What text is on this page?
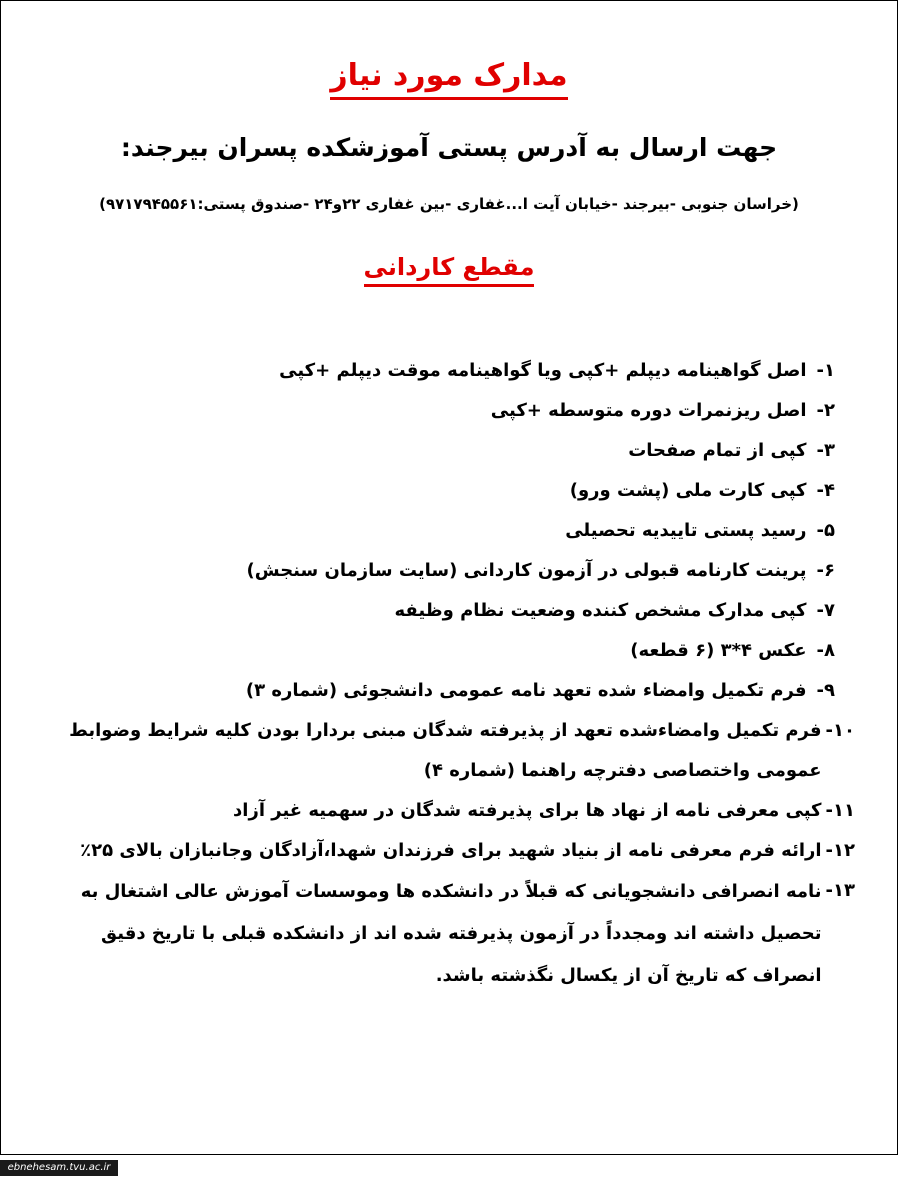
مدارک مورد نیاز
جهت ارسال به آدرس پستی آموزشکده پسران بیرجند:
(خراسان جنوبی -بیرجند -خیابان آیت ا...غفاری -بین غفاری ۲۲و۲۴ -صندوق پستی:۹۷۱۷۹۴۵۵۶۱)
مقطع کاردانی
۱-
اصل گواهینامه دیپلم +کپی ویا گواهینامه موقت دیپلم +کپی
۲-
اصل ریزنمرات دوره متوسطه +کپی
۳-
کپی از تمام صفحات
۴-
کپی کارت ملی (پشت ورو)
۵-
رسید پستی تاییدیه تحصیلی
۶-
پرینت کارنامه قبولی در آزمون کاردانی (سایت سازمان سنجش)
۷-
کپی مدارک مشخص کننده وضعیت نظام وظیفه
۸-
عکس ۴*۳ (۶ قطعه)
۹-
فرم تکمیل وامضاء شده تعهد نامه عمومی دانشجوئی (شماره ۳)
۱۰-
فرم تکمیل وامضاءشده تعهد از پذیرفته شدگان مبنی بردارا بودن کلیه شرایط وضوابط عمومی واختصاصی دفترچه راهنما (شماره ۴)
۱۱-
کپی معرفی نامه از نهاد ها برای پذیرفته شدگان در سهمیه غیر آزاد
۱۲-
ارائه فرم معرفی نامه از بنیاد شهید برای فرزندان شهدا،آزادگان وجانبازان بالای ۲۵٪
۱۳-
نامه انصرافی دانشجویانی که قبلاً در دانشکده ها وموسسات آموزش عالی اشتغال به تحصیل داشته اند ومجدداً در آزمون پذیرفته شده اند از دانشکده قبلی با تاریخ دقیق انصراف که تاریخ آن از یکسال نگذشته باشد.
ebnehesam.tvu.ac.ir
